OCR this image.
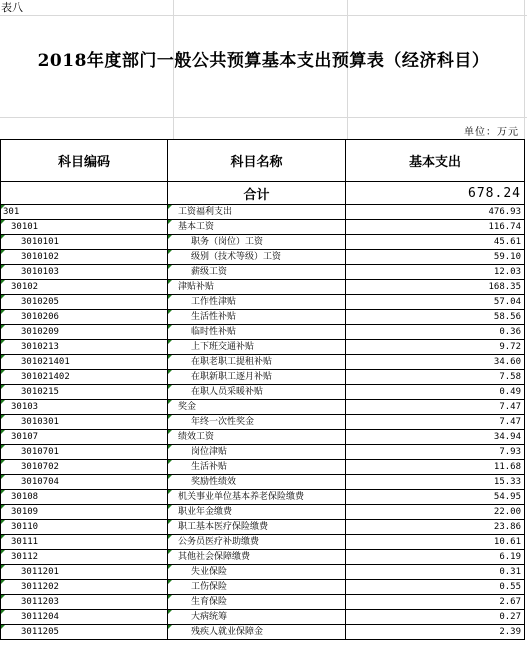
表八
2018年度部门一般公共预算基本支出预算表（经济科目）
单位：万元
科目编码	科目名称	基本支出
	合计	678.24

301	工资福利支出	476.93

30101	基本工资	116.74

3010101	职务（岗位）工资	45.61

3010102	级别（技术等级）工资	59.10

3010103	薪级工资	12.03

30102	津贴补贴	168.35

3010205	工作性津贴	57.04

3010206	生活性补贴	58.56

3010209	临时性补贴	0.36

3010213	上下班交通补贴	9.72

301021401	在职老职工提租补贴	34.60

301021402	在职新职工逐月补贴	7.58

3010215	在职人员采暖补贴	0.49

30103	奖金	7.47

3010301	年终一次性奖金	7.47

30107	绩效工资	34.94

3010701	岗位津贴	7.93

3010702	生活补贴	11.68

3010704	奖励性绩效	15.33

30108	机关事业单位基本养老保险缴费	54.95

30109	职业年金缴费	22.00

30110	职工基本医疗保险缴费	23.86

30111	公务员医疗补助缴费	10.61

30112	其他社会保障缴费	6.19

3011201	失业保险	0.31

3011202	工伤保险	0.55

3011203	生育保险	2.67

3011204	大病统筹	0.27

3011205	残疾人就业保障金	2.39
